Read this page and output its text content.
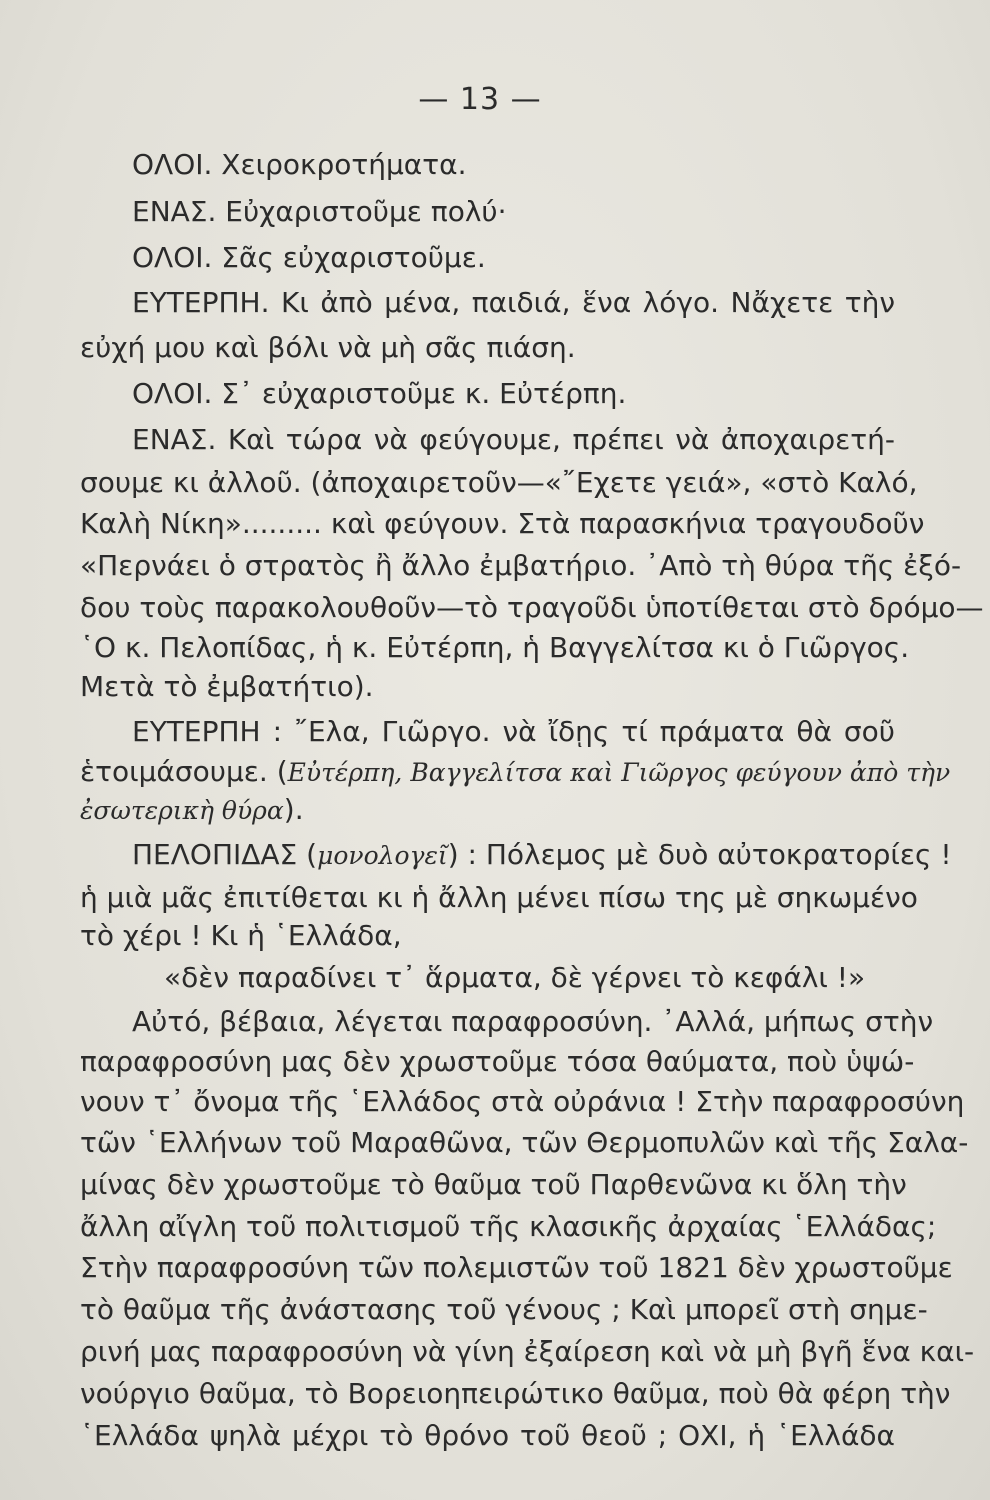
— 13 —
ΟΛΟΙ. Χειροκροτήματα.
ΕΝΑΣ. Εὐχαριστοῦμε πολύ·
ΟΛΟΙ. Σᾶς εὐχαριστοῦμε.
ΕΥΤΕΡΠΗ. Κι ἀπὸ μένα, παιδιά, ἕνα λόγο. Νἄχετε τὴν
εὐχή μου καὶ βόλι νὰ μὴ σᾶς πιάση.
ΟΛΟΙ. Σ᾽ εὐχαριστοῦμε κ. Εὐτέρπη.
ΕΝΑΣ. Καὶ τώρα νὰ φεύγουμε, πρέπει νὰ ἀποχαιρετή-
σουμε κι ἀλλοῦ. (ἀποχαιρετοῦν—«῎Εχετε γειά», «στὸ Καλό,
Καλὴ Νίκη»......... καὶ φεύγουν. Στὰ παρασκήνια τραγουδοῦν
«Περνάει ὁ στρατὸς ἢ ἄλλο ἐμβατήριο. ᾽Απὸ τὴ θύρα τῆς ἐξό-
δου τοὺς παρακολουθοῦν—τὸ τραγοῦδι ὑποτίθεται στὸ δρόμο—
῾Ο κ. Πελοπίδας, ἡ κ. Εὐτέρπη, ἡ Βαγγελίτσα κι ὁ Γιῶργος.
Μετὰ τὸ ἐμβατήτιο).
ΕΥΤΕΡΠΗ : ῎Ελα, Γιῶργο. νὰ ἴδῃς τί πράματα θὰ σοῦ
ἑτοιμάσουμε. (Εὐτέρπη, Βαγγελίτσα καὶ Γιῶργος φεύγουν ἀπὸ τὴν
ἐσωτερικὴ θύρα).
ΠΕΛΟΠΙΔΑΣ (μονολογεῖ) : Πόλεμος μὲ δυὸ αὐτοκρατορίες !
ἡ μιὰ μᾶς ἐπιτίθεται κι ἡ ἄλλη μένει πίσω της μὲ σηκωμένο
τὸ χέρι ! Κι ἡ ῾Ελλάδα,
«δὲν παραδίνει τ᾽ ἅρματα, δὲ γέρνει τὸ κεφάλι !»
Αὐτό, βέβαια, λέγεται παραφροσύνη. ᾽Αλλά, μήπως στὴν
παραφροσύνη μας δὲν χρωστοῦμε τόσα θαύματα, ποὺ ὑψώ-
νουν τ᾽ ὄνομα τῆς ῾Ελλάδος στὰ οὐράνια ! Στὴν παραφροσύνη
τῶν ῾Ελλήνων τοῦ Μαραθῶνα, τῶν Θερμοπυλῶν καὶ τῆς Σαλα-
μίνας δὲν χρωστοῦμε τὸ θαῦμα τοῦ Παρθενῶνα κι ὅλη τὴν
ἄλλη αἴγλη τοῦ πολιτισμοῦ τῆς κλασικῆς ἀρχαίας ῾Ελλάδας;
Στὴν παραφροσύνη τῶν πολεμιστῶν τοῦ 1821 δὲν χρωστοῦμε
τὸ θαῦμα τῆς ἀνάστασης τοῦ γένους ; Καὶ μπορεῖ στὴ σημε-
ρινή μας παραφροσύνη νὰ γίνη ἐξαίρεση καὶ νὰ μὴ βγῆ ἕνα και-
νούργιο θαῦμα, τὸ Βορειοηπειρώτικο θαῦμα, ποὺ θὰ φέρη τὴν
῾Ελλάδα ψηλὰ μέχρι τὸ θρόνο τοῦ θεοῦ ; ΟΧΙ, ἡ ῾Ελλάδα
